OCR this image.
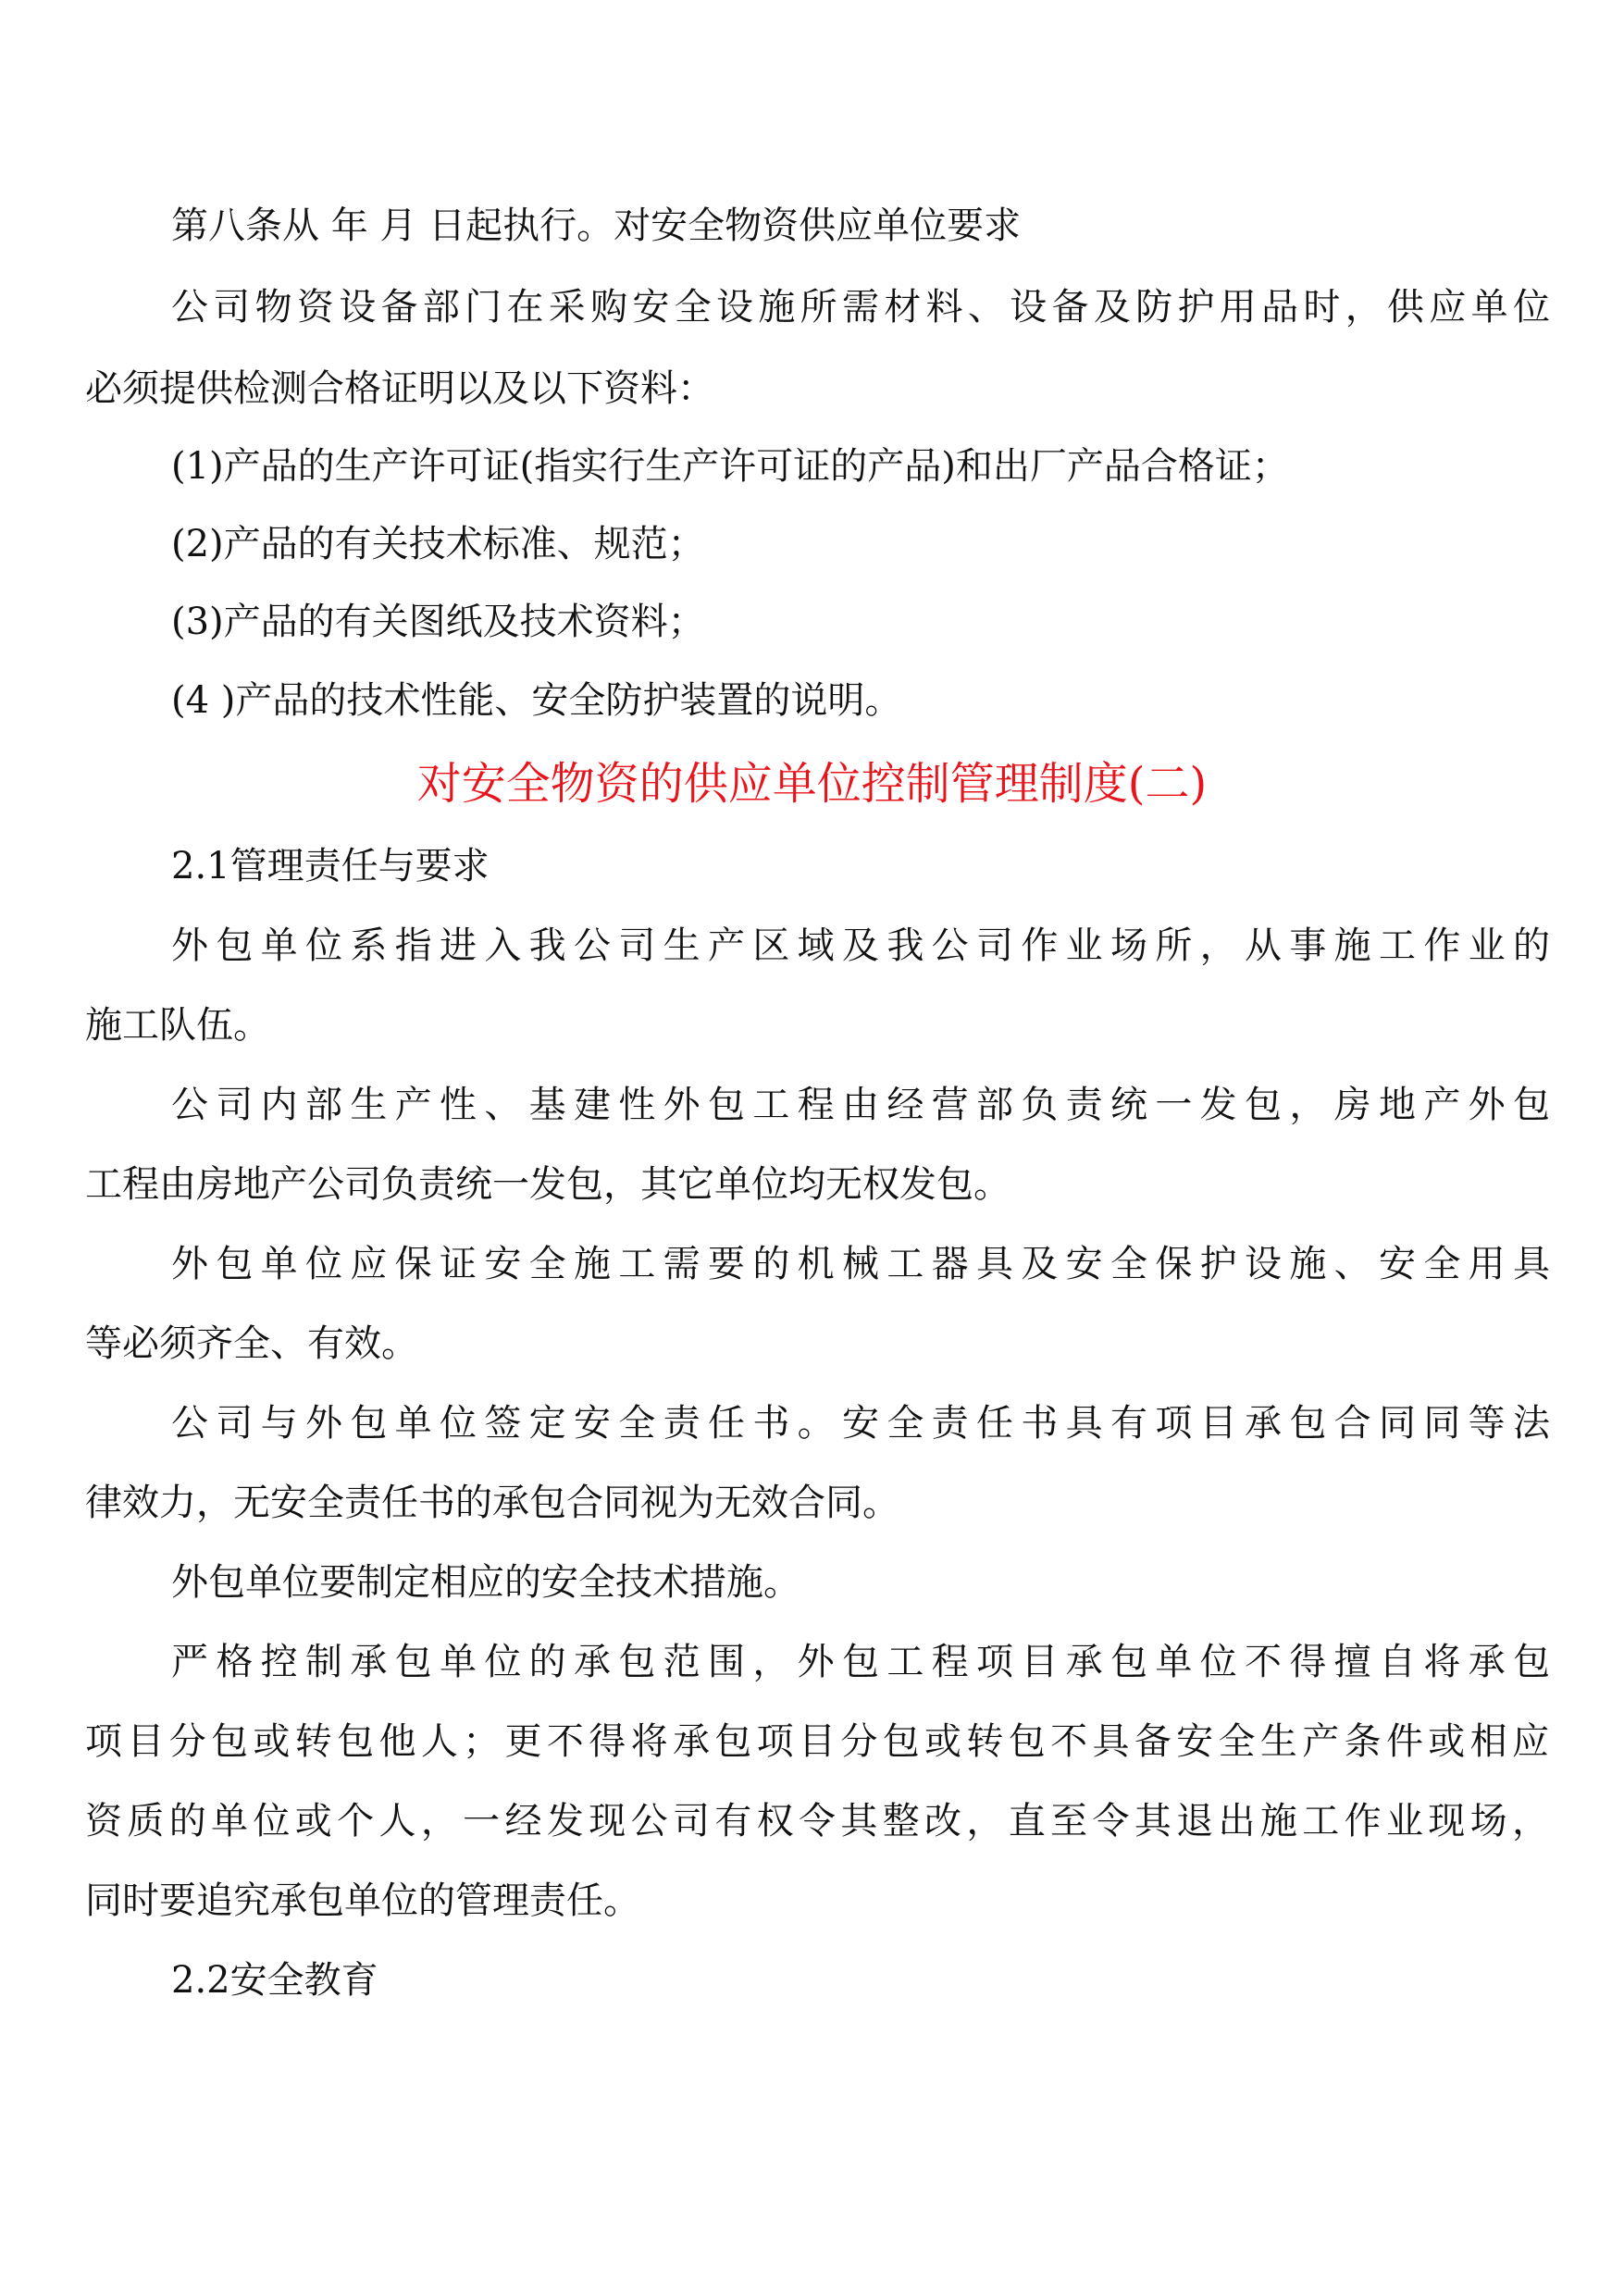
第八条从 年 月 日起执行。对安全物资供应单位要求
公司物资设备部门在采购安全设施所需材料、设备及防护用品时，供应单位
必须提供检测合格证明以及以下资料：
(1)产品的生产许可证(指实行生产许可证的产品)和出厂产品合格证；
(2)产品的有关技术标准、规范；
(3)产品的有关图纸及技术资料；
(4 )产品的技术性能、安全防护装置的说明。
对安全物资的供应单位控制管理制度(二)
2.1管理责任与要求
外包单位系指进入我公司生产区域及我公司作业场所，从事施工作业的
施工队伍。
公司内部生产性、基建性外包工程由经营部负责统一发包，房地产外包
工程由房地产公司负责统一发包，其它单位均无权发包。
外包单位应保证安全施工需要的机械工器具及安全保护设施、安全用具
等必须齐全、有效。
公司与外包单位签定安全责任书。安全责任书具有项目承包合同同等法
律效力，无安全责任书的承包合同视为无效合同。
外包单位要制定相应的安全技术措施。
严格控制承包单位的承包范围，外包工程项目承包单位不得擅自将承包
项目分包或转包他人；更不得将承包项目分包或转包不具备安全生产条件或相应
资质的单位或个人，一经发现公司有权令其整改，直至令其退出施工作业现场，
同时要追究承包单位的管理责任。
2.2安全教育
